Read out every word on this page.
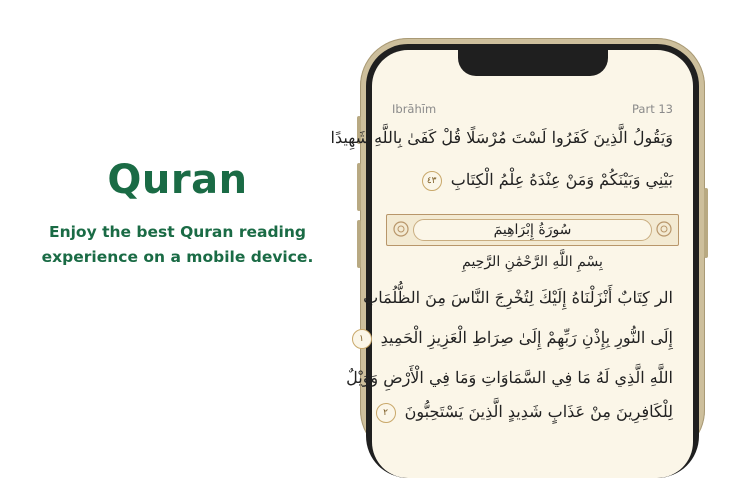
Quran
Enjoy the best Quran reading
experience on a mobile device.
Ibrāhīm	Part 13
وَيَقُولُ الَّذِينَ كَفَرُوا لَسْتَ مُرْسَلًا قُلْ كَفَىٰ بِاللَّهِ شَهِيدًا
بَيْنِي وَبَيْنَكُمْ وَمَنْ عِنْدَهُ عِلْمُ الْكِتَابِ ٤٣
سُورَةُ إِبْرَاهِيمَ
بِسْمِ اللَّهِ الرَّحْمَٰنِ الرَّحِيمِ
الر كِتَابٌ أَنْزَلْنَاهُ إِلَيْكَ لِتُخْرِجَ النَّاسَ مِنَ الظُّلُمَاتِ
إِلَى النُّورِ بِإِذْنِ رَبِّهِمْ إِلَىٰ صِرَاطِ الْعَزِيزِ الْحَمِيدِ ١
اللَّهِ الَّذِي لَهُ مَا فِي السَّمَاوَاتِ وَمَا فِي الْأَرْضِ وَوَيْلٌ
لِلْكَافِرِينَ مِنْ عَذَابٍ شَدِيدٍ الَّذِينَ يَسْتَحِبُّونَ ٢
